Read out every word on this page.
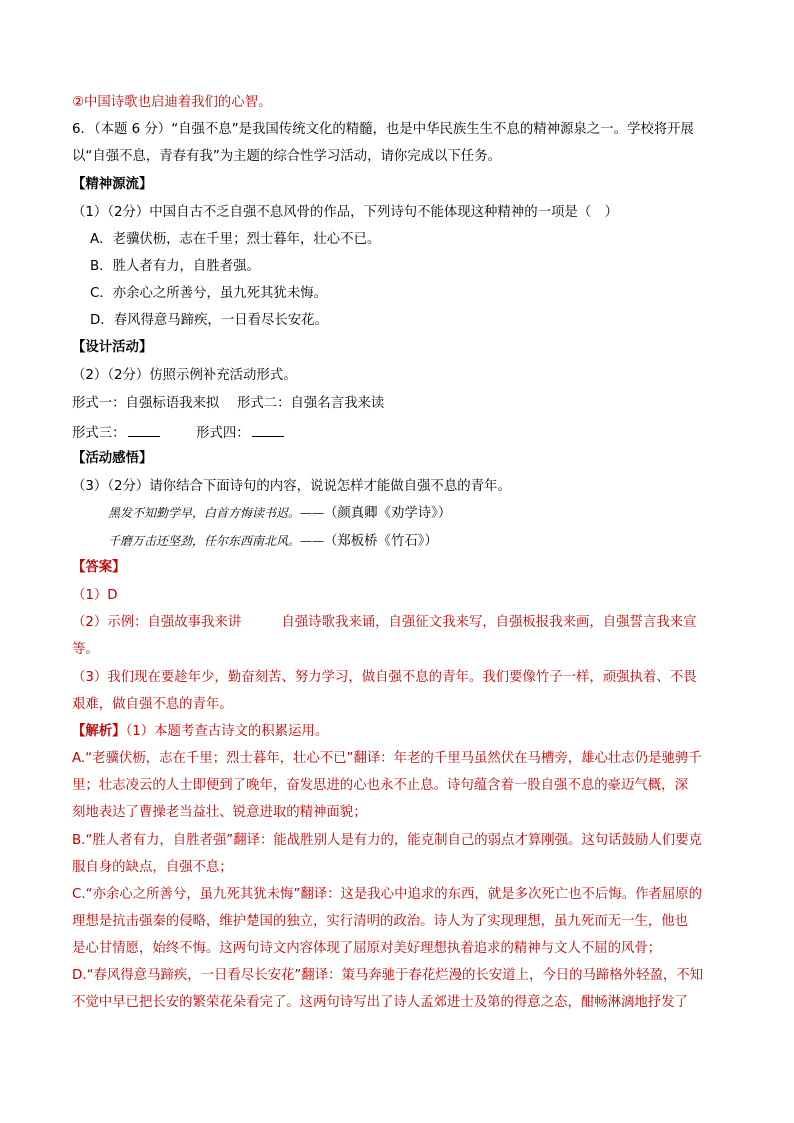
②中国诗歌也启迪着我们的心智。
6．（本题 6 分）“自强不息”是我国传统文化的精髓，也是中华民族生生不息的精神源泉之一。学校将开展
以“自强不息，青春有我”为主题的综合性学习活动，请你完成以下任务。
【精神源流】
（1）（2分）中国自古不乏自强不息风骨的作品，下列诗句不能体现这种精神的一项是（　）
A．老骥伏枥，志在千里；烈士暮年，壮心不已。
B．胜人者有力，自胜者强。
C．亦余心之所善兮，虽九死其犹未悔。
D．春风得意马蹄疾，一日看尽长安花。
【设计活动】
（2）（2分）仿照示例补充活动形式。
形式一：自强标语我来拟　 形式二：自强名言我来读
形式三：	形式四：
【活动感悟】
（3）（2分）请你结合下面诗句的内容，说说怎样才能做自强不息的青年。
黑发不知勤学早，白首方悔读书迟。——（颜真卿《劝学诗》）
千磨万击还坚劲，任尔东西南北风。——（郑板桥《竹石》）
【答案】
（1）D
（2）示例：自强故事我来讲　　　自强诗歌我来诵，自强征文我来写，自强板报我来画，自强誓言我来宣
等。
（3）我们现在要趁年少，勤奋刻苦、努力学习，做自强不息的青年。我们要像竹子一样，顽强执着、不畏
艰难，做自强不息的青年。
【解析】（1）本题考查古诗文的积累运用。
A.“老骥伏枥，志在千里；烈士暮年，壮心不已”翻译：年老的千里马虽然伏在马槽旁，雄心壮志仍是驰骋千
里；壮志凌云的人士即便到了晚年，奋发思进的心也永不止息。诗句蕴含着一股自强不息的豪迈气概，深
刻地表达了曹操老当益壮、锐意进取的精神面貌；
B.“胜人者有力，自胜者强”翻译：能战胜别人是有力的，能克制自己的弱点才算刚强。这句话鼓励人们要克
服自身的缺点，自强不息；
C.“亦余心之所善兮，虽九死其犹未悔”翻译：这是我心中追求的东西，就是多次死亡也不后悔。作者屈原的
理想是抗击强秦的侵略，维护楚国的独立，实行清明的政治。诗人为了实现理想，虽九死而无一生，他也
是心甘情愿，始终不悔。这两句诗文内容体现了屈原对美好理想执着追求的精神与文人不屈的风骨；
D.“春风得意马蹄疾，一日看尽长安花”翻译：策马奔驰于春花烂漫的长安道上，今日的马蹄格外轻盈，不知
不觉中早已把长安的繁荣花朵看完了。这两句诗写出了诗人孟郊进士及第的得意之态，酣畅淋漓地抒发了
